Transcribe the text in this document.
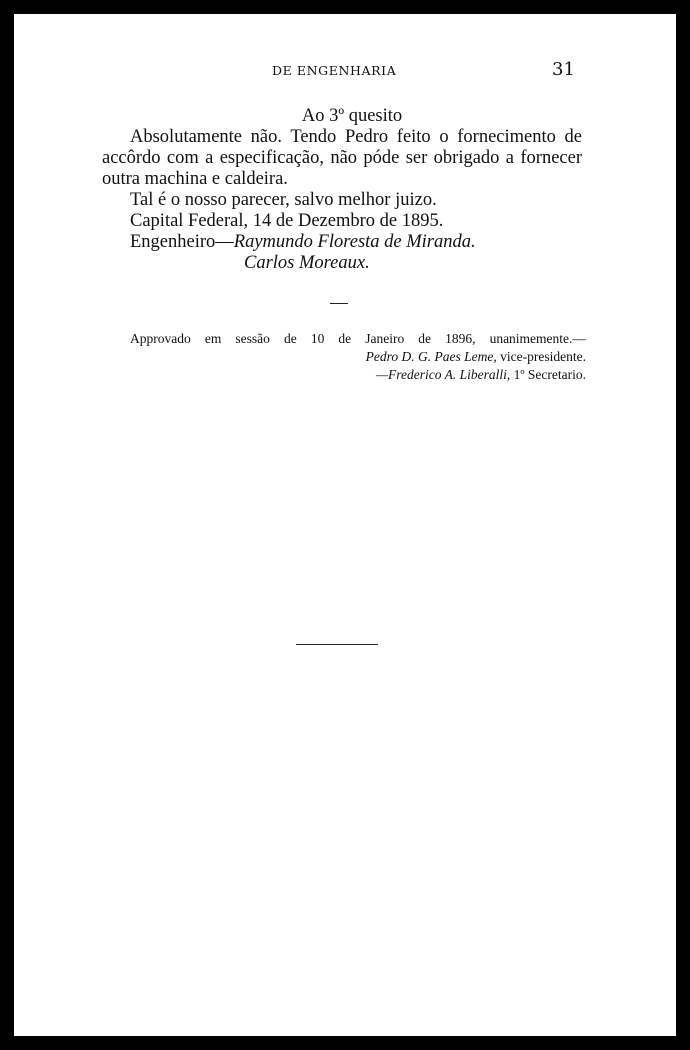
DE ENGENHARIA	31

Ao 3º quesito

Absolutamente não. Tendo Pedro feito o fornecimento de accôrdo com a especificação, não póde ser obrigado a fornecer outra machina e caldeira.

Tal é o nosso parecer, salvo melhor juizo.

Capital Federal, 14 de Dezembro de 1895.

Engenheiro—Raymundo Floresta de Miranda.

Carlos Moreaux.

Approvado em sessão de 10 de Janeiro de 1896, unanimemente.—
Pedro D. G. Paes Leme, vice-presidente.
—Frederico A. Liberalli, 1º Secretario.
